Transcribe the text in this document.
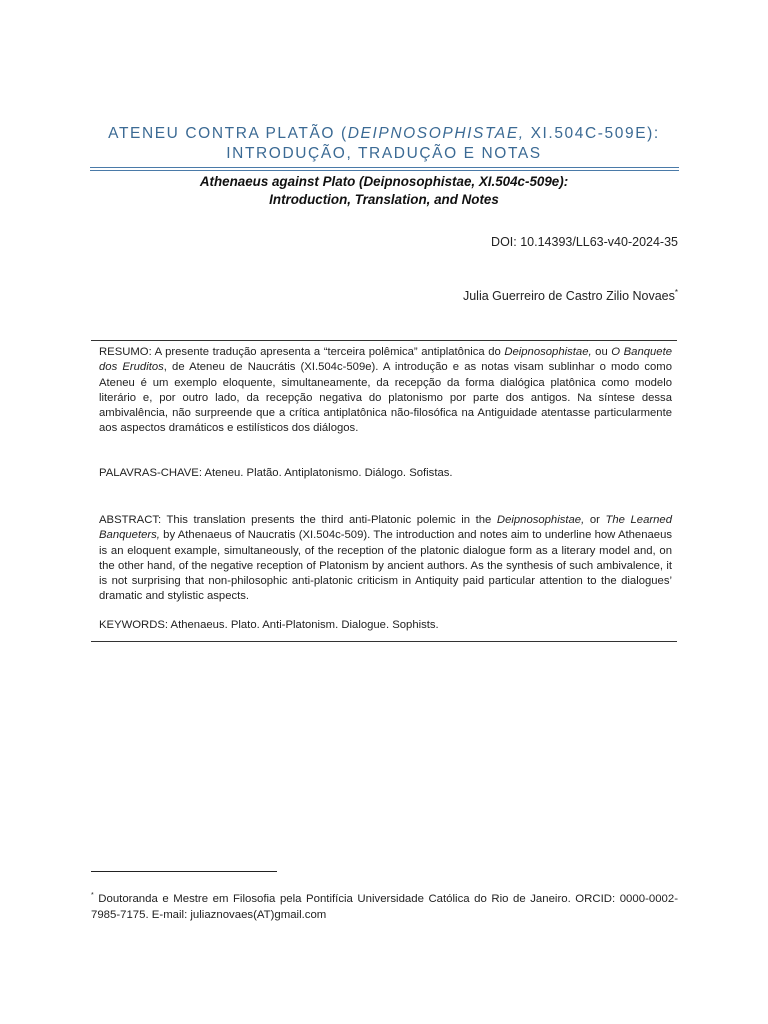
ATENEU CONTRA PLATÃO (DEIPNOSOPHISTAE, XI.504C-509E):
INTRODUÇÃO, TRADUÇÃO E NOTAS
Athenaeus against Plato (Deipnosophistae, XI.504c-509e):
Introduction, Translation, and Notes
DOI: 10.14393/LL63-v40-2024-35
Julia Guerreiro de Castro Zilio Novaes*
RESUMO: A presente tradução apresenta a “terceira polêmica” antiplatônica do Deipnosophistae, ou O Banquete dos Eruditos, de Ateneu de Naucrátis (XI.504c-509e). A introdução e as notas visam sublinhar o modo como Ateneu é um exemplo eloquente, simultaneamente, da recepção da forma dialógica platônica como modelo literário e, por outro lado, da recepção negativa do platonismo por parte dos antigos. Na síntese dessa ambivalência, não surpreende que a crítica antiplatônica não-filosófica na Antiguidade atentasse particularmente aos aspectos dramáticos e estilísticos dos diálogos.
PALAVRAS-CHAVE: Ateneu. Platão. Antiplatonismo. Diálogo. Sofistas.
ABSTRACT: This translation presents the third anti-Platonic polemic in the Deipnosophistae, or The Learned Banqueters, by Athenaeus of Naucratis (XI.504c-509). The introduction and notes aim to underline how Athenaeus is an eloquent example, simultaneously, of the reception of the platonic dialogue form as a literary model and, on the other hand, of the negative reception of Platonism by ancient authors. As the synthesis of such ambivalence, it is not surprising that non-philosophic anti-platonic criticism in Antiquity paid particular attention to the dialogues’ dramatic and stylistic aspects.
KEYWORDS: Athenaeus. Plato. Anti-Platonism. Dialogue. Sophists.
* Doutoranda e Mestre em Filosofia pela Pontifícia Universidade Católica do Rio de Janeiro. ORCID: 0000-0002-7985-7175. E-mail: juliaznovaes(AT)gmail.com
